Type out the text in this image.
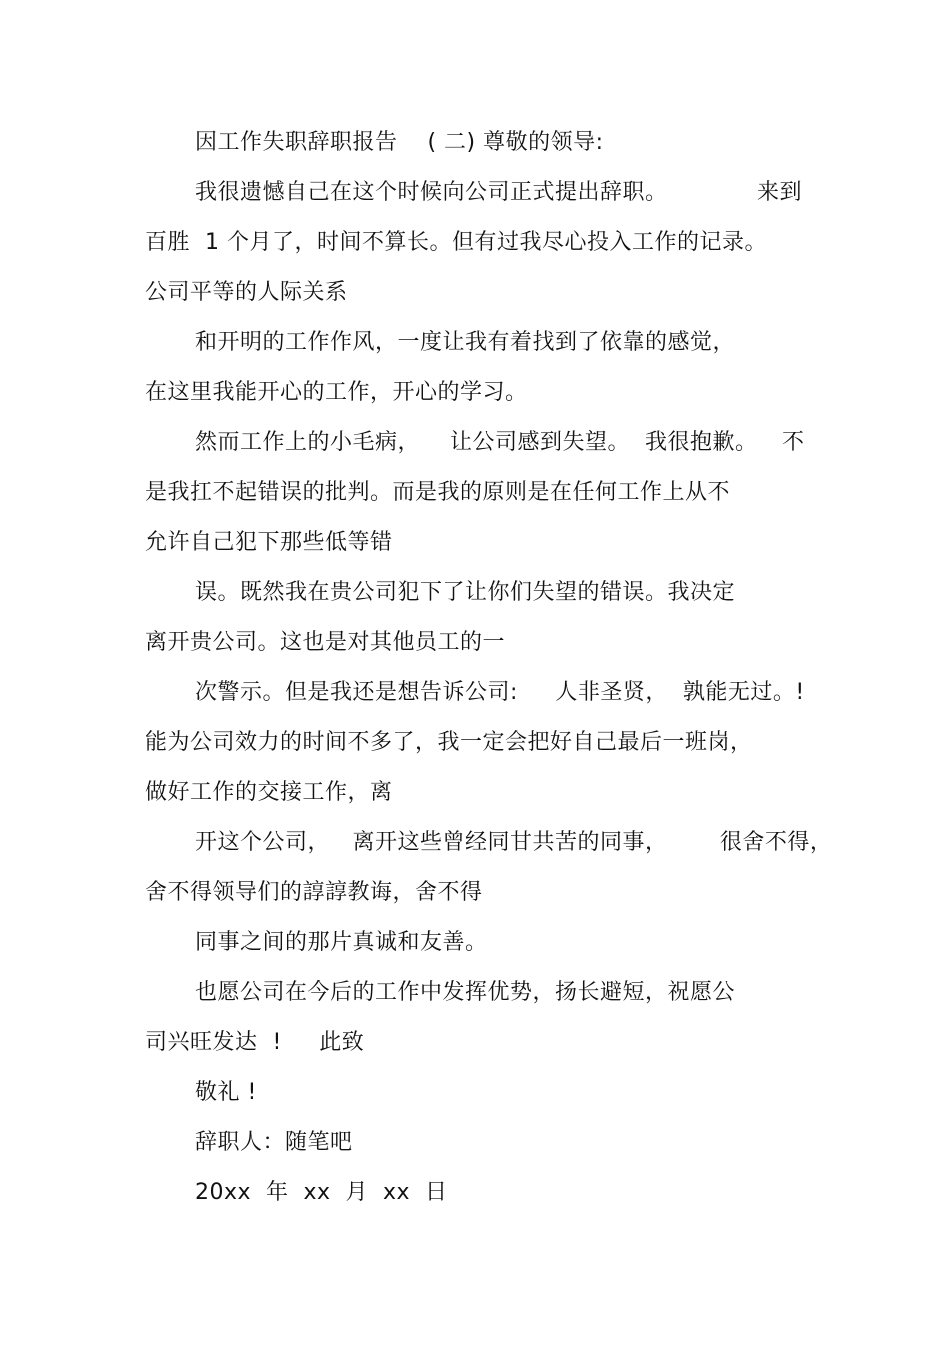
因工作失职辞职报告    ( 二) 尊敬的领导:
我很遗憾自己在这个时候向公司正式提出辞职。	来到
百胜  1 个月了，时间不算长。但有过我尽心投入工作的记录。
公司平等的人际关系
和开明的工作作风，一度让我有着找到了依靠的感觉，
在这里我能开心的工作，开心的学习。
然而工作上的小毛病，    让公司感到失望。  我很抱歉。 不
是我扛不起错误的批判。而是我的原则是在任何工作上从不
允许自己犯下那些低等错
误。既然我在贵公司犯下了让你们失望的错误。我决定
离开贵公司。这也是对其他员工的一
次警示。但是我还是想告诉公司:     人非圣贤，  孰能无过。!
能为公司效力的时间不多了，我一定会把好自己最后一班岗，
做好工作的交接工作，离
开这个公司，   离开这些曾经同甘共苦的同事，       很舍不得，
舍不得领导们的諄諄教诲，舍不得
同事之间的那片真诚和友善。
也愿公司在今后的工作中发挥优势，扬长避短，祝愿公
司兴旺发达  !     此致
敬礼 !
辞职人：随笔吧
20xx  年  xx  月  xx  日
